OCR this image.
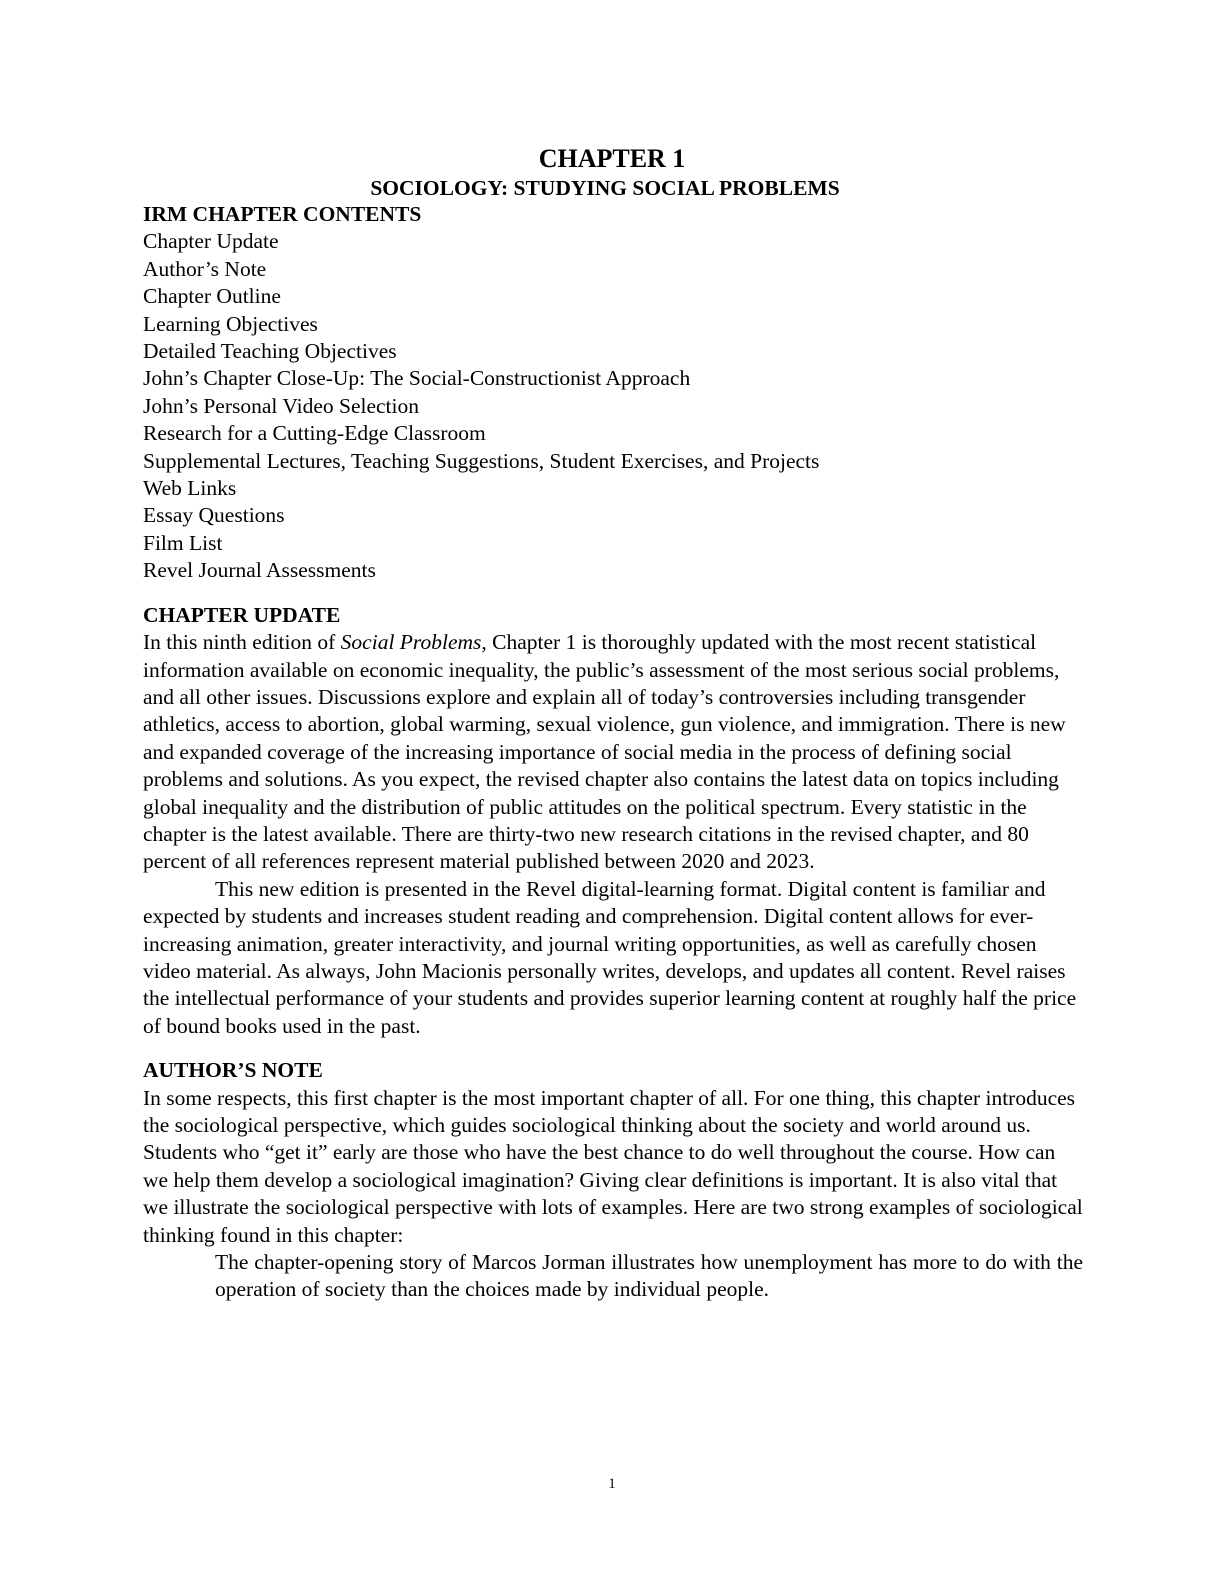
CHAPTER 1
SOCIOLOGY: STUDYING SOCIAL PROBLEMS
IRM CHAPTER CONTENTS
Chapter Update
Author’s Note
Chapter Outline
Learning Objectives
Detailed Teaching Objectives
John’s Chapter Close-Up: The Social-Constructionist Approach
John’s Personal Video Selection
Research for a Cutting-Edge Classroom
Supplemental Lectures, Teaching Suggestions, Student Exercises, and Projects
Web Links
Essay Questions
Film List
Revel Journal Assessments
CHAPTER UPDATE

In this ninth edition of Social Problems, Chapter 1 is thoroughly updated with the most recent statistical information available on economic inequality, the public’s assessment of the most serious social problems, and all other issues. Discussions explore and explain all of today’s controversies including transgender athletics, access to abortion, global warming, sexual violence, gun violence, and immigration. There is new and expanded coverage of the increasing importance of social media in the process of defining social problems and solutions. As you expect, the revised chapter also contains the latest data on topics including global inequality and the distribution of public attitudes on the political spectrum. Every statistic in the chapter is the latest available. There are thirty-two new research citations in the revised chapter, and 80 percent of all references represent material published between 2020 and 2023.

This new edition is presented in the Revel digital-learning format. Digital content is familiar and expected by students and increases student reading and comprehension. Digital content allows for ever-increasing animation, greater interactivity, and journal writing opportunities, as well as carefully chosen video material. As always, John Macionis personally writes, develops, and updates all content. Revel raises the intellectual performance of your students and provides superior learning content at roughly half the price of bound books used in the past.

AUTHOR’S NOTE

In some respects, this first chapter is the most important chapter of all. For one thing, this chapter introduces the sociological perspective, which guides sociological thinking about the society and world around us. Students who “get it” early are those who have the best chance to do well throughout the course. How can we help them develop a sociological imagination? Giving clear definitions is important. It is also vital that we illustrate the sociological perspective with lots of examples. Here are two strong examples of sociological thinking found in this chapter:

The chapter-opening story of Marcos Jorman illustrates how unemployment has more to do with the operation of society than the choices made by individual people.
1
